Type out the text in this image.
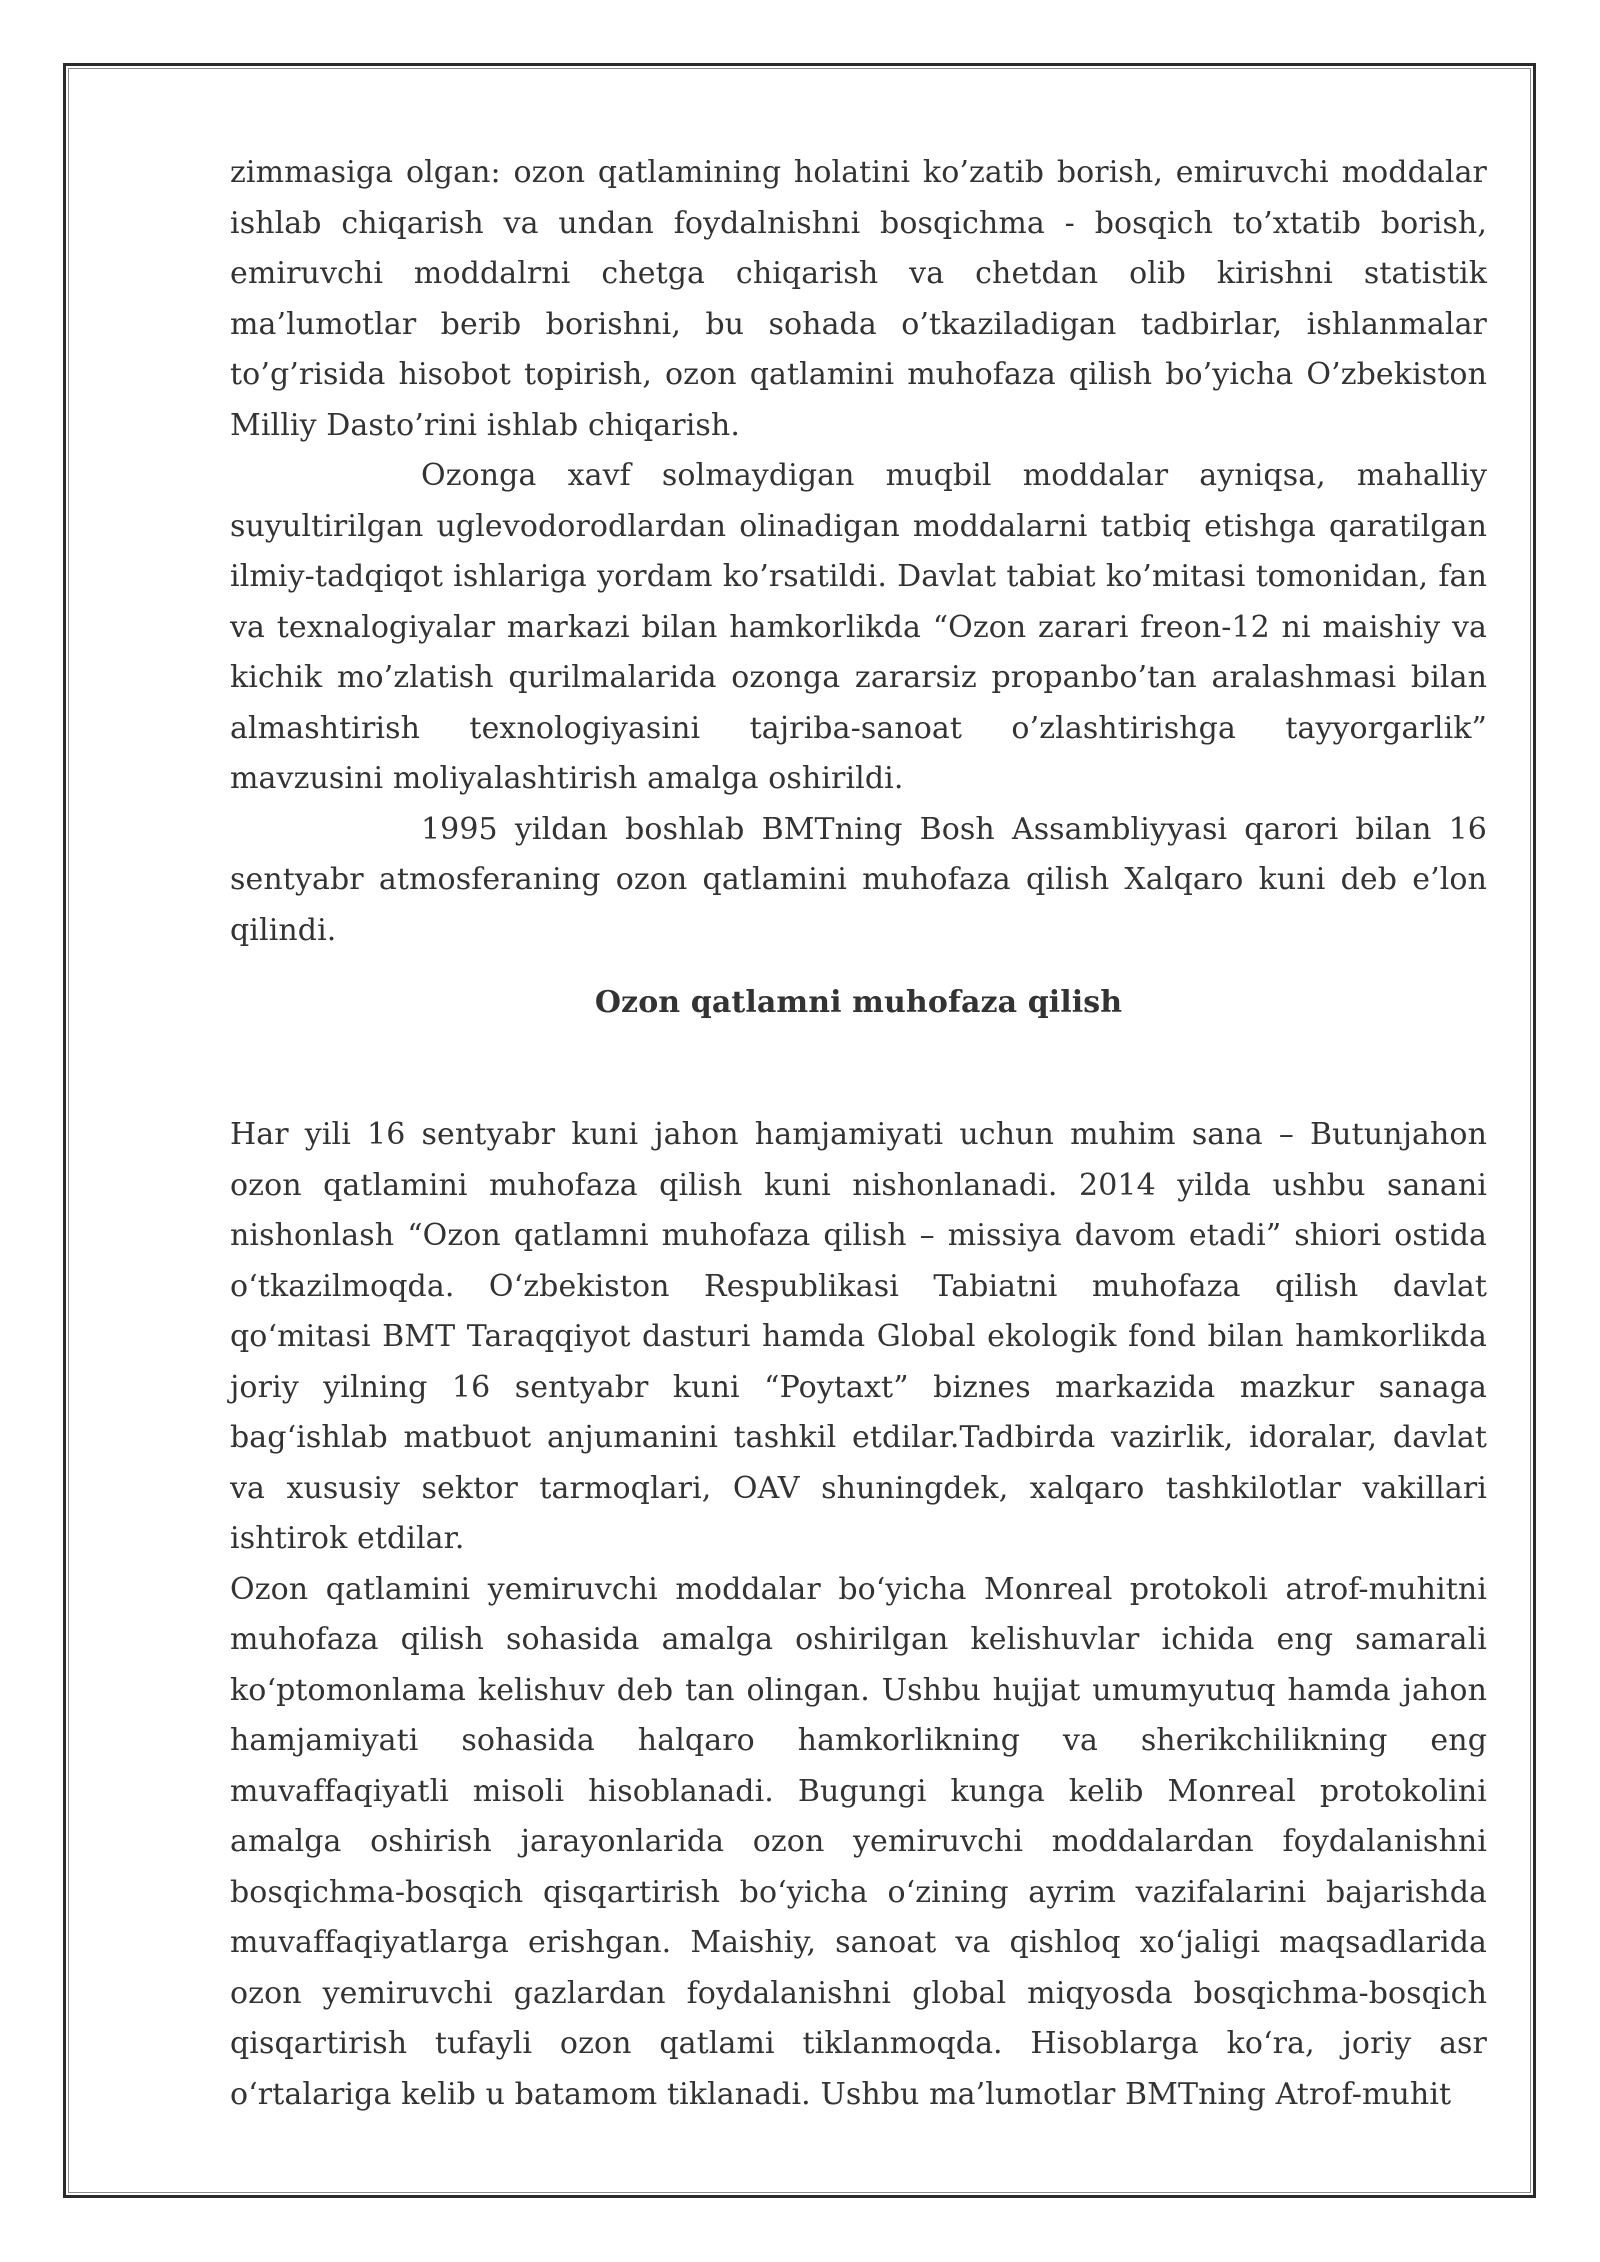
zimmasiga olgan: ozon qatlamining holatini ko’zatib borish, emiruvchi moddalar ishlab chiqarish va undan foydalnishni bosqichma - bosqich to’xtatib borish, emiruvchi moddalrni chetga chiqarish va chetdan olib kirishni statistik ma’lumotlar berib borishni, bu sohada o’tkaziladigan tadbirlar, ishlanmalar to’g’risida hisobot topirish, ozon qatlamini muhofaza qilish bo’yicha O’zbekiston Milliy Dasto’rini ishlab chiqarish.

Ozonga xavf solmaydigan muqbil moddalar ayniqsa, mahalliy suyultirilgan uglevodorodlardan olinadigan moddalarni tatbiq etishga qaratilgan ilmiy-tadqiqot ishlariga yordam ko’rsatildi. Davlat tabiat ko’mitasi tomonidan, fan va texnalogiyalar markazi bilan hamkorlikda “Ozon zarari freon-12 ni maishiy va kichik mo’zlatish qurilmalarida ozonga zararsiz propanbo’tan aralashmasi bilan almashtirish texnologiyasini tajriba-sanoat o’zlashtirishga tayyorgarlik” mavzusini moliyalashtirish amalga oshirildi.

1995 yildan boshlab BMTning Bosh Assambliyyasi qarori bilan 16 sentyabr atmosferaning ozon qatlamini muhofaza qilish Xalqaro kuni deb e’lon qilindi.

Ozon qatlamni muhofaza qilish

Har yili 16 sentyabr kuni jahon hamjamiyati uchun muhim sana – Butunjahon ozon qatlamini muhofaza qilish kuni nishonlanadi. 2014 yilda ushbu sanani nishonlash “Ozon qatlamni muhofaza qilish – missiya davom etadi” shiori ostida o‘tkazilmoqda. O‘zbekiston Respublikasi Tabiatni muhofaza qilish davlat qo‘mitasi BMT Taraqqiyot dasturi hamda Global ekologik fond bilan hamkorlikda joriy yilning 16 sentyabr kuni “Poytaxt” biznes markazida mazkur sanaga bag‘ishlab matbuot anjumanini tashkil etdilar.Tadbirda vazirlik, idoralar, davlat va xususiy sektor tarmoqlari, OAV shuningdek, xalqaro tashkilotlar vakillari ishtirok etdilar.

Ozon qatlamini yemiruvchi moddalar bo‘yicha Monreal protokoli atrof-muhitni muhofaza qilish sohasida amalga oshirilgan kelishuvlar ichida eng samarali ko‘ptomonlama kelishuv deb tan olingan. Ushbu hujjat umumyutuq hamda jahon hamjamiyati sohasida halqaro hamkorlikning va sherikchilikning eng muvaffaqiyatli misoli hisoblanadi. Bugungi kunga kelib Monreal protokolini amalga oshirish jarayonlarida ozon yemiruvchi moddalardan foydalanishni bosqichma-bosqich qisqartirish bo‘yicha o‘zining ayrim vazifalarini bajarishda muvaffaqiyatlarga erishgan. Maishiy, sanoat va qishloq xo‘jaligi maqsadlarida ozon yemiruvchi gazlardan foydalanishni global miqyosda bosqichma-bosqich qisqartirish tufayli ozon qatlami tiklanmoqda. Hisoblarga ko‘ra, joriy asr o‘rtalariga kelib u batamom tiklanadi. Ushbu ma’lumotlar BMTning Atrof-muhit
